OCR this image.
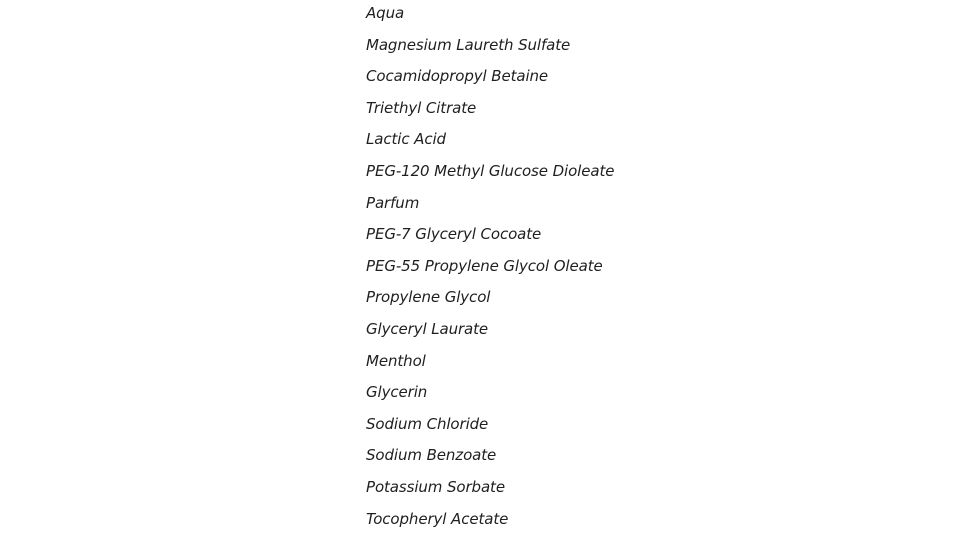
Aqua
Magnesium Laureth Sulfate
Cocamidopropyl Betaine
Triethyl Citrate
Lactic Acid
PEG-120 Methyl Glucose Dioleate
Parfum
PEG-7 Glyceryl Cocoate
PEG-55 Propylene Glycol Oleate
Propylene Glycol
Glyceryl Laurate
Menthol
Glycerin
Sodium Chloride
Sodium Benzoate
Potassium Sorbate
Tocopheryl Acetate
